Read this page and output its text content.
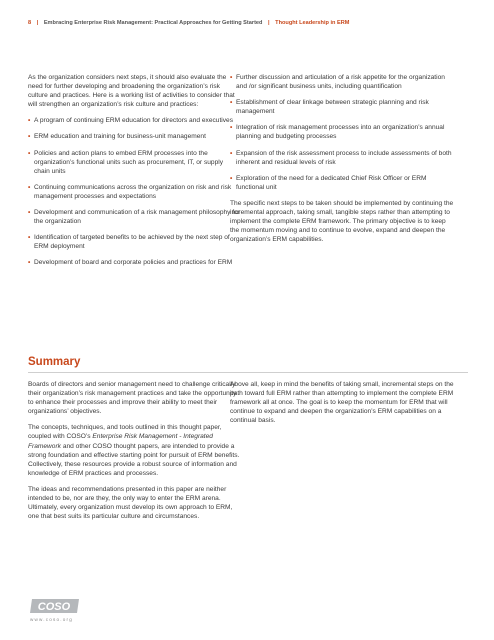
8 | Embracing Enterprise Risk Management: Practical Approaches for Getting Started | Thought Leadership in ERM

As the organization considers next steps, it should also evaluate the need for further developing and broadening the organization’s risk culture and practices. Here is a working list of activities to consider that will strengthen an organization’s risk culture and practices:

• A program of continuing ERM education for directors and executives
• ERM education and training for business-unit management
• Policies and action plans to embed ERM processes into the organization’s functional units such as procurement, IT, or supply chain units
• Continuing communications across the organization on risk and risk management processes and expectations
• Development and communication of a risk management philosophy for the organization
• Identification of targeted benefits to be achieved by the next step of ERM deployment
• Development of board and corporate policies and practices for ERM
• Further discussion and articulation of a risk appetite for the organization and /or significant business units, including quantification
• Establishment of clear linkage between strategic planning and risk management
• Integration of risk management processes into an organization’s annual planning and budgeting processes
• Expansion of the risk assessment process to include assessments of both inherent and residual levels of risk
• Exploration of the need for a dedicated Chief Risk Officer or ERM functional unit

The specific next steps to be taken should be implemented by continuing the incremental approach, taking small, tangible steps rather than attempting to implement the complete ERM framework. The primary objective is to keep the momentum moving and to continue to evolve, expand and deepen the organization’s ERM capabilities.

Summary

Boards of directors and senior management need to challenge critically their organization’s risk management practices and take the opportunity to enhance their processes and improve their ability to meet their organizations’ objectives.

The concepts, techniques, and tools outlined in this thought paper, coupled with COSO’s Enterprise Risk Management - Integrated Framework and other COSO thought papers, are intended to provide a strong foundation and effective starting point for pursuit of ERM benefits. Collectively, these resources provide a robust source of information and knowledge of ERM practices and processes.

The ideas and recommendations presented in this paper are neither intended to be, nor are they, the only way to enter the ERM arena. Ultimately, every organization must develop its own approach to ERM, one that best suits its particular culture and circumstances.

Above all, keep in mind the benefits of taking small, incremental steps on the path toward full ERM rather than attempting to implement the complete ERM framework all at once. The goal is to keep the momentum for ERM that will continue to expand and deepen the organization’s ERM capabilities on a continual basis.

COSO
www.coso.org
